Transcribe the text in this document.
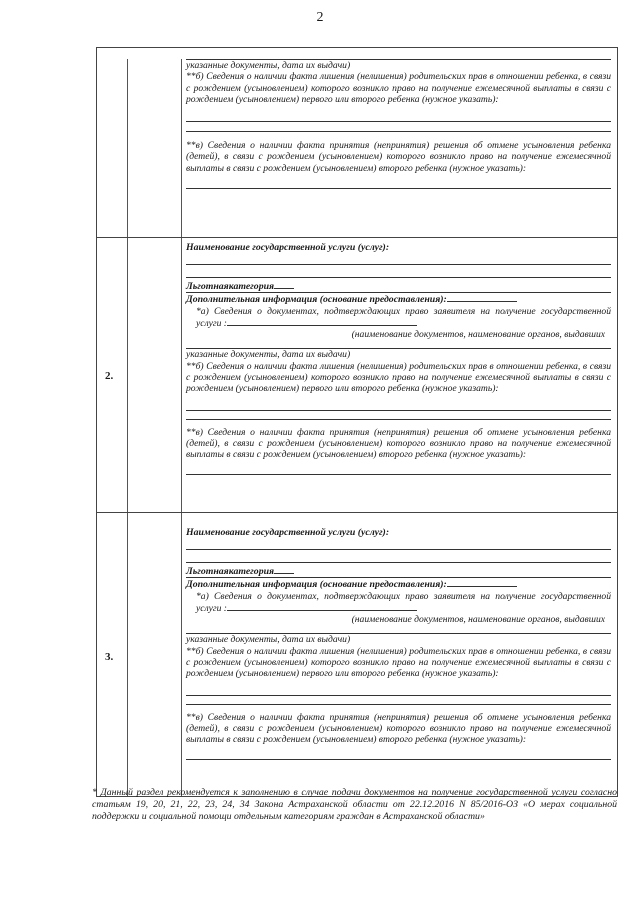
2
указанные документы, дата их выдачи)
**б) Сведения о наличии факта лишения (нелишения) родительских прав в отношении ребенка, в связи с рождением (усыновлением) которого возникло право на получение ежемесячной выплаты в связи с рождением (усыновлением) первого или второго ребенка (нужное указать):
**в) Сведения о наличии факта принятия (непринятия) решения об отмене усыновления ребенка (детей), в связи с рождением (усыновлением) которого возникло право на получение ежемесячной выплаты в связи с рождением (усыновлением) второго ребенка (нужное указать):
2.
Наименование государственной услуги (услуг):
Льготнаякатегория
Дополнительная информация (основание предоставления):
*а) Сведения о документах, подтверждающих право заявителя на получение государственной услуги :
(наименование документов, наименование органов, выдавших
указанные документы, дата их выдачи)
**б) Сведения о наличии факта лишения (нелишения) родительских прав в отношении ребенка, в связи с рождением (усыновлением) которого возникло право на получение ежемесячной выплаты в связи с рождением (усыновлением) первого или второго ребенка (нужное указать):
**в) Сведения о наличии факта принятия (непринятия) решения об отмене усыновления ребенка (детей), в связи с рождением (усыновлением) которого возникло право на получение ежемесячной выплаты в связи с рождением (усыновлением) второго ребенка (нужное указать):
3.
Наименование государственной услуги (услуг):
Льготнаякатегория
Дополнительная информация (основание предоставления):
*а) Сведения о документах, подтверждающих право заявителя на получение государственной услуги :
(наименование документов, наименование органов, выдавших
указанные документы, дата их выдачи)
**б) Сведения о наличии факта лишения (нелишения) родительских прав в отношении ребенка, в связи с рождением (усыновлением) которого возникло право на получение ежемесячной выплаты в связи с рождением (усыновлением) первого или второго ребенка (нужное указать):
**в) Сведения о наличии факта принятия (непринятия) решения об отмене усыновления ребенка (детей), в связи с рождением (усыновлением) которого возникло право на получение ежемесячной выплаты в связи с рождением (усыновлением) второго ребенка (нужное указать):
* Данный раздел рекомендуется к заполнению в случае подачи документов на получение государственной услуги согласно статьям 19, 20, 21, 22, 23, 24, 34 Закона Астраханской области от 22.12.2016 N 85/2016-ОЗ «О мерах социальной поддержки и социальной помощи отдельным категориям граждан в Астраханской области»
